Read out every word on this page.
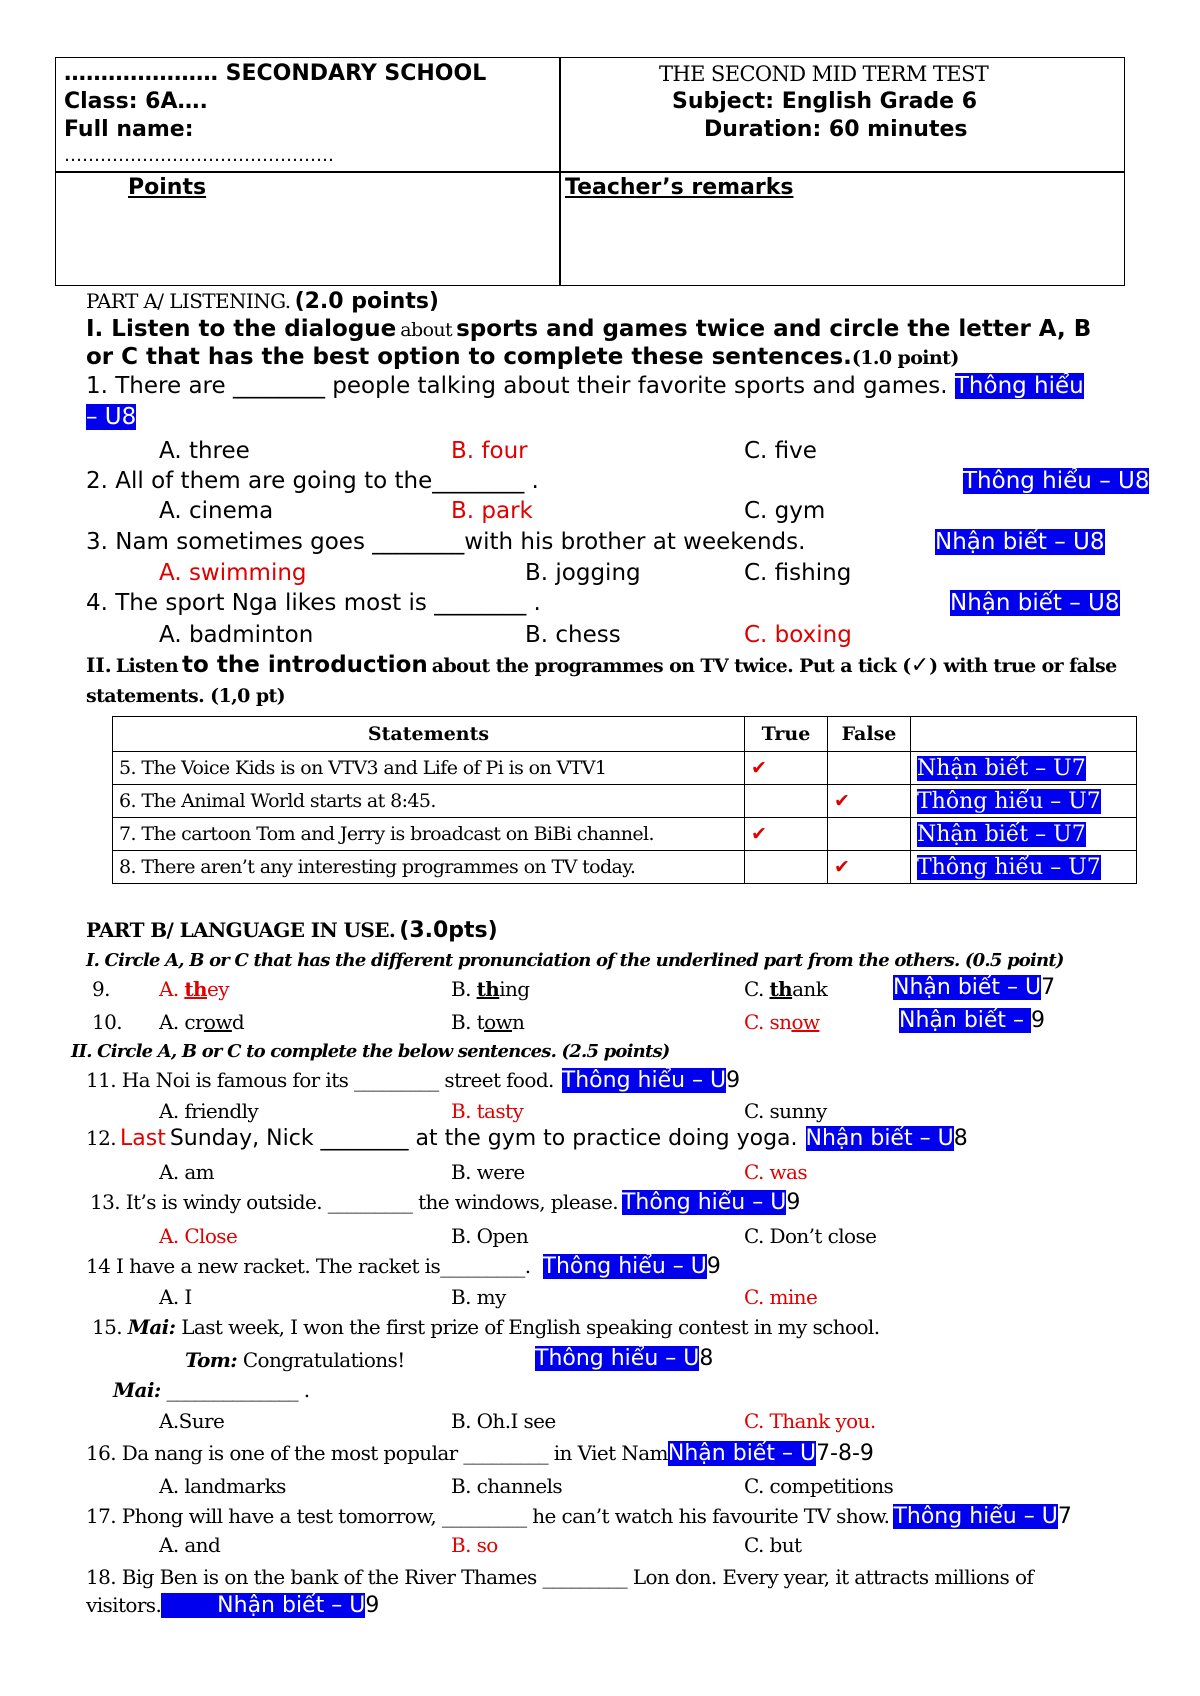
………………… SECONDARY SCHOOL
Class: 6A….
Full name:
………………………………………
THE SECOND MID TERM TEST
Subject: English Grade 6
Duration: 60 minutes
Points	Teacher’s remarks
PART A/ LISTENING. (2.0 points)
I. Listen to the dialogue about sports and games twice and circle the letter A, B
or C that has the best option to complete these sentences.(1.0 point)
1. There are ________ people talking about their favorite sports and games. Thông hiểu
– U8
A. three	B. four	C. five
2. All of them are going to the________ .	Thông hiểu – U8
A. cinema	B. park	C. gym
3. Nam sometimes goes ________with his brother at weekends.	Nhận biết – U8
A. swimming	B. jogging	C. fishing
4. The sport Nga likes most is ________ .	Nhận biết – U8
A. badminton	B. chess	C. boxing
II. Listen to the introduction about the programmes on TV twice. Put a tick (✓) with true or false
statements. (1,0 pt)
Statements	True	False	
5. The Voice Kids is on VTV3 and Life of Pi is on VTV1	✔		Nhận biết – U7
6. The Animal World starts at 8:45.		✔	Thông hiểu – U7
7. The cartoon Tom and Jerry is broadcast on BiBi channel.	✔		Nhận biết – U7
8. There aren’t any interesting programmes on TV today.		✔	Thông hiểu – U7
PART B/ LANGUAGE IN USE. (3.0pts)
I. Circle A, B or C that has the different pronunciation of the underlined part from the others. (0.5 point)
9. A. they	B. thing	C. thank	Nhận biết – U7
10. A. crowd	B. town	C. snow	Nhận biết – 9
II. Circle A, B or C to complete the below sentences. (2.5 points)
11. Ha Noi is famous for its _________ street food. Thông hiểu – U9
A. friendly	B. tasty	C. sunny
12. Last Sunday, Nick ________ at the gym to practice doing yoga. Nhận biết – U8
A. am	B. were	C. was
13. It’s is windy outside. _________ the windows, please. Thông hiểu – U9
A. Close	B. Open	C. Don’t close
14 I have a new racket. The racket is_________. Thông hiểu – U9
A. I	B. my	C. mine
15. Mai: Last week, I won the first prize of English speaking contest in my school.
Tom: Congratulations!	Thông hiểu – U8
Mai: ______________ .
A.Sure	B. Oh.I see	C. Thank you.
16. Da nang is one of the most popular _________ in Viet NamNhận biết – U7-8-9
A. landmarks	B. channels	C. competitions
17. Phong will have a test tomorrow, _________ he can’t watch his favourite TV show. Thông hiểu – U7
A. and	B. so	C. but
18. Big Ben is on the bank of the River Thames _________ Lon don. Every year, it attracts millions of
visitors.        Nhận biết – U9
